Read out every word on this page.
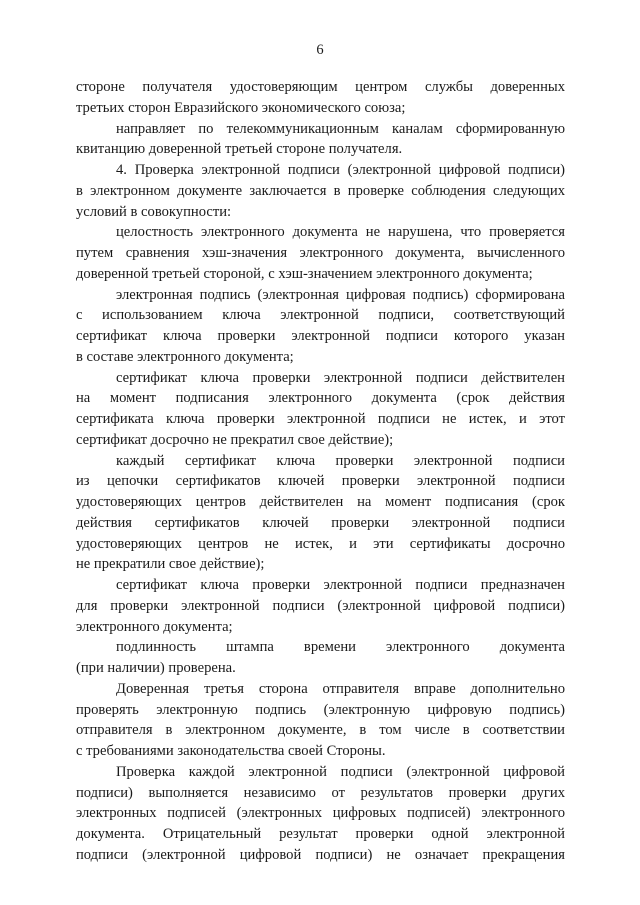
6
стороне получателя удостоверяющим центром службы доверенных
третьих сторон Евразийского экономического союза;
направляет по телекоммуникационным каналам сформированную
квитанцию доверенной третьей стороне получателя.
4. Проверка электронной подписи (электронной цифровой подписи)
в электронном документе заключается в проверке соблюдения следующих
условий в совокупности:
целостность электронного документа не нарушена, что проверяется
путем сравнения хэш-значения электронного документа, вычисленного
доверенной третьей стороной, с хэш-значением электронного документа;
электронная подпись (электронная цифровая подпись) сформирована
с использованием ключа электронной подписи, соответствующий
сертификат ключа проверки электронной подписи которого указан
в составе электронного документа;
сертификат ключа проверки электронной подписи действителен
на момент подписания электронного документа (срок действия
сертификата ключа проверки электронной подписи не истек, и этот
сертификат досрочно не прекратил свое действие);
каждый сертификат ключа проверки электронной подписи
из цепочки сертификатов ключей проверки электронной подписи
удостоверяющих центров действителен на момент подписания (срок
действия сертификатов ключей проверки электронной подписи
удостоверяющих центров не истек, и эти сертификаты досрочно
не прекратили свое действие);
сертификат ключа проверки электронной подписи предназначен
для проверки электронной подписи (электронной цифровой подписи)
электронного документа;
подлинность штампа времени электронного документа
(при наличии) проверена.
Доверенная третья сторона отправителя вправе дополнительно
проверять электронную подпись (электронную цифровую подпись)
отправителя в электронном документе, в том числе в соответствии
с требованиями законодательства своей Стороны.
Проверка каждой электронной подписи (электронной цифровой
подписи) выполняется независимо от результатов проверки других
электронных подписей (электронных цифровых подписей) электронного
документа. Отрицательный результат проверки одной электронной
подписи (электронной цифровой подписи) не означает прекращения
